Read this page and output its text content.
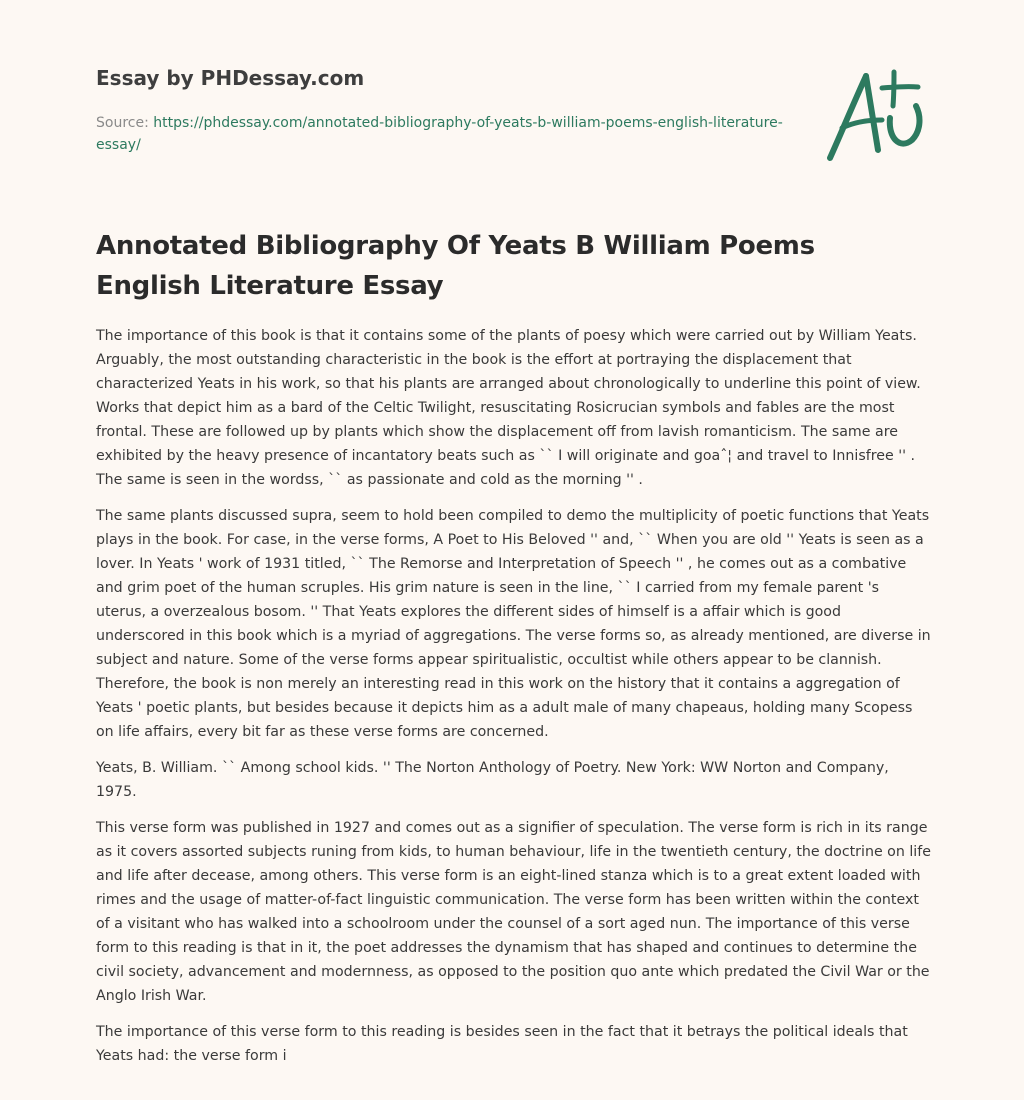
Essay by PHDessay.com
Source: https://phdessay.com/annotated-bibliography-of-yeats-b-william-poems-english-literature-essay/
Annotated Bibliography Of Yeats B William Poems English Literature Essay

The importance of this book is that it contains some of the plants of poesy which were carried out by William Yeats. Arguably, the most outstanding characteristic in the book is the effort at portraying the displacement that characterized Yeats in his work, so that his plants are arranged about chronologically to underline this point of view. Works that depict him as a bard of the Celtic Twilight, resuscitating Rosicrucian symbols and fables are the most frontal. These are followed up by plants which show the displacement off from lavish romanticism. The same are exhibited by the heavy presence of incantatory beats such as `` I will originate and goaˆ¦ and travel to Innisfree '' . The same is seen in the wordss, `` as passionate and cold as the morning '' .

The same plants discussed supra, seem to hold been compiled to demo the multiplicity of poetic functions that Yeats plays in the book. For case, in the verse forms, A Poet to His Beloved '' and, `` When you are old '' Yeats is seen as a lover. In Yeats ' work of 1931 titled, `` The Remorse and Interpretation of Speech '' , he comes out as a combative and grim poet of the human scruples. His grim nature is seen in the line, `` I carried from my female parent 's uterus, a overzealous bosom. '' That Yeats explores the different sides of himself is a affair which is good underscored in this book which is a myriad of aggregations. The verse forms so, as already mentioned, are diverse in subject and nature. Some of the verse forms appear spiritualistic, occultist while others appear to be clannish. Therefore, the book is non merely an interesting read in this work on the history that it contains a aggregation of Yeats ' poetic plants, but besides because it depicts him as a adult male of many chapeaus, holding many Scopess on life affairs, every bit far as these verse forms are concerned.

Yeats, B. William. `` Among school kids. '' The Norton Anthology of Poetry. New York: WW Norton and Company, 1975.

This verse form was published in 1927 and comes out as a signifier of speculation. The verse form is rich in its range as it covers assorted subjects runing from kids, to human behaviour, life in the twentieth century, the doctrine on life and life after decease, among others. This verse form is an eight-lined stanza which is to a great extent loaded with rimes and the usage of matter-of-fact linguistic communication. The verse form has been written within the context of a visitant who has walked into a schoolroom under the counsel of a sort aged nun. The importance of this verse form to this reading is that in it, the poet addresses the dynamism that has shaped and continues to determine the civil society, advancement and modernness, as opposed to the position quo ante which predated the Civil War or the Anglo Irish War.

The importance of this verse form to this reading is besides seen in the fact that it betrays the political ideals that Yeats had: the verse form i
